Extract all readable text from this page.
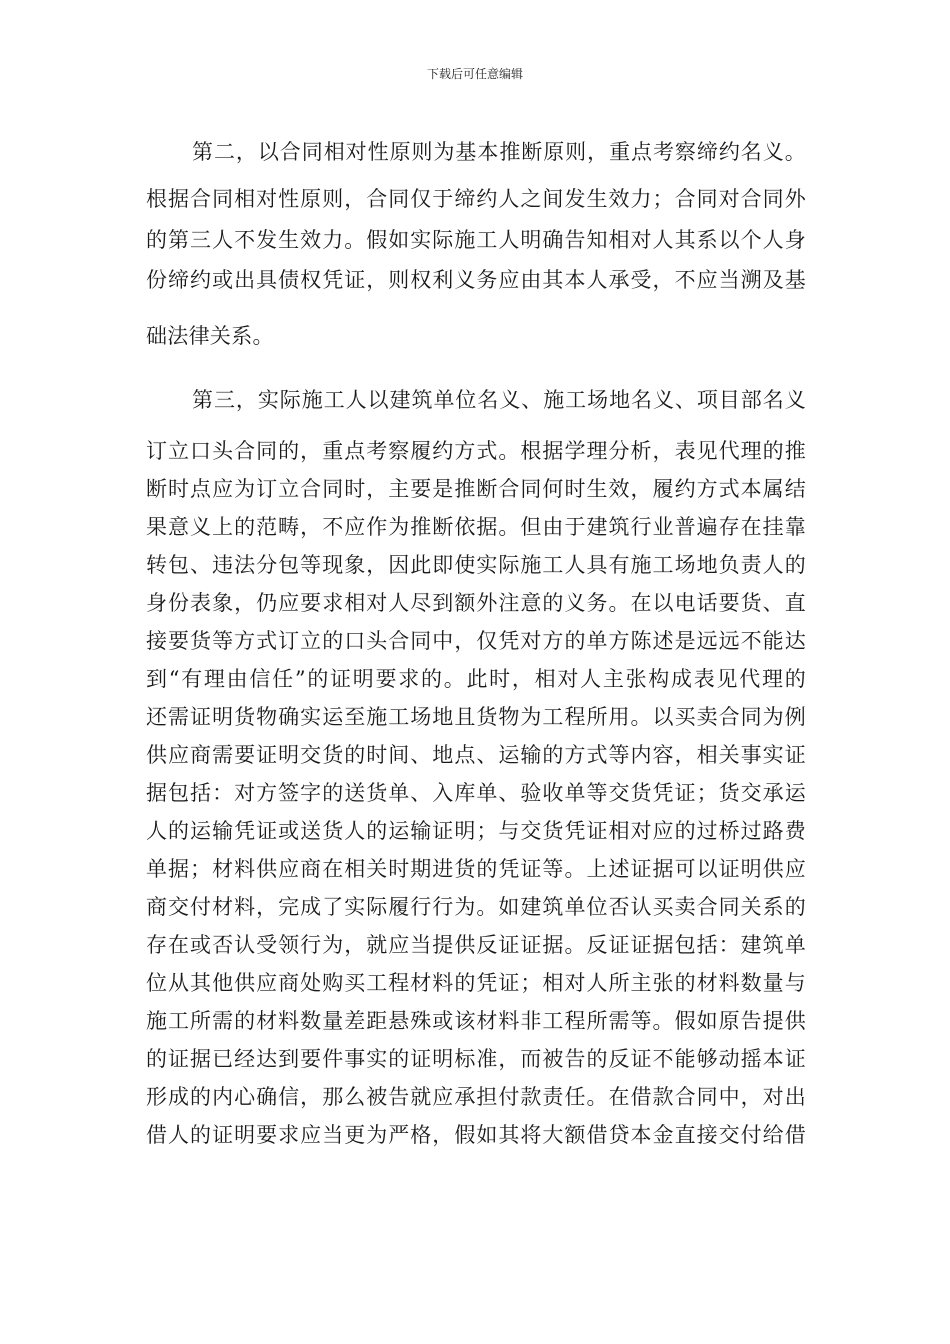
下载后可任意编辑
第二，以合同相对性原则为基本推断原则，重点考察缔约名义。
根据合同相对性原则，合同仅于缔约人之间发生效力；合同对合同外
的第三人不发生效力。假如实际施工人明确告知相对人其系以个人身
份缔约或出具债权凭证，则权利义务应由其本人承受，不应当溯及基
础法律关系。
第三，实际施工人以建筑单位名义、施工场地名义、项目部名义
订立口头合同的，重点考察履约方式。根据学理分析，表见代理的推
断时点应为订立合同时，主要是推断合同何时生效，履约方式本属结
果意义上的范畴，不应作为推断依据。但由于建筑行业普遍存在挂靠
转包、违法分包等现象，因此即使实际施工人具有施工场地负责人的
身份表象，仍应要求相对人尽到额外注意的义务。在以电话要货、直
接要货等方式订立的口头合同中，仅凭对方的单方陈述是远远不能达
到“有理由信任”的证明要求的。此时，相对人主张构成表见代理的
还需证明货物确实运至施工场地且货物为工程所用。以买卖合同为例
供应商需要证明交货的时间、地点、运输的方式等内容，相关事实证
据包括：对方签字的送货单、入库单、验收单等交货凭证；货交承运
人的运输凭证或送货人的运输证明；与交货凭证相对应的过桥过路费
单据；材料供应商在相关时期进货的凭证等。上述证据可以证明供应
商交付材料，完成了实际履行行为。如建筑单位否认买卖合同关系的
存在或否认受领行为，就应当提供反证证据。反证证据包括：建筑单
位从其他供应商处购买工程材料的凭证；相对人所主张的材料数量与
施工所需的材料数量差距悬殊或该材料非工程所需等。假如原告提供
的证据已经达到要件事实的证明标准，而被告的反证不能够动摇本证
形成的内心确信，那么被告就应承担付款责任。在借款合同中，对出
借人的证明要求应当更为严格，假如其将大额借贷本金直接交付给借
